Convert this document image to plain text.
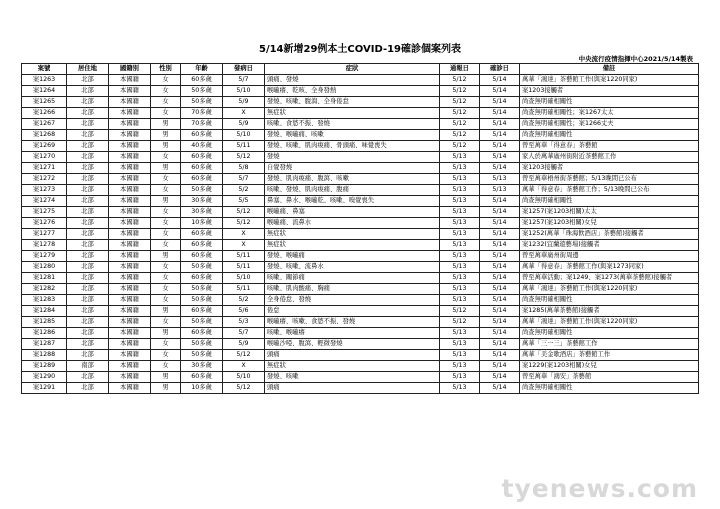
5/14新增29例本土COVID-19確診個案列表
中央流行疫情指揮中心2021/5/14製表
案號	居住地	國籍別	性別	年齡	發病日	症狀	通報日	確診日	備註
案1263	北部	本國籍	女	60多歲	5/7	頭痛、發燒	5/12	5/14	萬華「鴻達」茶藝館工作(與案1220同家)
案1264	北部	本國籍	女	50多歲	5/10	喉嚨癢、乾咳、全身發熱	5/12	5/14	案1203接觸者
案1265	北部	本國籍	女	50多歲	5/9	發燒、咳嗽、腹瀉、全身倦怠	5/12	5/14	尚查無明確相關性
案1266	北部	本國籍	女	70多歲	X	無症狀	5/12	5/14	尚查無明確相關性；案1267太太
案1267	北部	本國籍	男	70多歲	5/9	咳嗽、食慾不振、發燒	5/12	5/14	尚查無明確相關性；案1266丈夫
案1268	北部	本國籍	男	60多歲	5/10	發燒、喉嚨痛、咳嗽	5/12	5/14	尚查無明確相關性
案1269	北部	本國籍	男	40多歲	5/11	發燒、咳嗽、肌肉痠痛、骨頭痛、味覺喪失	5/12	5/14	曾至萬華「得意春」茶藝館
案1270	北部	本國籍	女	60多歲	5/12	發燒	5/13	5/14	家人於萬華廣州街附近茶藝館工作
案1271	北部	本國籍	男	60多歲	5/8	自覺發燒	5/13	5/14	案1203接觸者
案1272	北部	本國籍	女	60多歲	5/7	發燒、肌肉痠痛、腹瀉、咳嗽	5/13	5/13	曾至萬華梧州街茶藝館；5/13晚間已公布
案1273	北部	本國籍	女	50多歲	5/2	咳嗽、發燒、肌肉痠痛、腹痛	5/13	5/13	萬華「得意春」茶藝館工作；5/13晚間已公布
案1274	北部	本國籍	男	30多歲	5/5	鼻塞、鼻水、喉嚨乾、咳嗽、嗅覺喪失	5/13	5/14	尚查無明確相關性
案1275	北部	本國籍	女	30多歲	5/12	喉嚨痛、鼻塞	5/13	5/14	案1257(案1203相關)太太
案1276	北部	本國籍	女	10多歲	5/12	喉嚨痛、流鼻水	5/13	5/14	案1257(案1203相關)女兒
案1277	北部	本國籍	女	60多歲	X	無症狀	5/13	5/14	案1252(萬華「珠海飲酒店」茶藝館)接觸者
案1278	北部	本國籍	女	60多歲	X	無症狀	5/13	5/14	案1232(宜蘭遊藝場)接觸者
案1279	北部	本國籍	男	60多歲	5/11	發燒、喉嚨痛	5/13	5/14	曾至萬華廣州街周邊
案1280	北部	本國籍	女	50多歲	5/11	發燒、咳嗽、流鼻水	5/13	5/14	萬華「得意春」茶藝館工作(與案1273同家)
案1281	北部	本國籍	女	60多歲	5/10	咳嗽、關節痛	5/13	5/14	曾至萬華活動；案1249、案1273(萬華茶藝館)接觸者
案1282	北部	本國籍	女	50多歲	5/11	咳嗽、肌肉酸痛、胸痛	5/13	5/14	萬華「鴻達」茶藝館工作(與案1220同家)
案1283	北部	本國籍	女	50多歲	5/2	全身倦怠、發燒	5/13	5/14	尚查無明確相關性
案1284	北部	本國籍	男	60多歲	5/6	倦怠	5/12	5/14	案1285(萬華茶藝館)接觸者
案1285	北部	本國籍	女	50多歲	5/3	喉嚨癢、咳嗽、食慾不振、發燒	5/12	5/14	萬華「鴻達」茶藝館工作(與案1220同家)
案1286	北部	本國籍	男	60多歲	5/7	咳嗽、喉嚨癢	5/13	5/14	尚查無明確相關性
案1287	北部	本國籍	女	50多歲	5/9	喉嚨沙啞、腹瀉、輕微發燒	5/13	5/14	萬華「三一三」茶藝館工作
案1288	北部	本國籍	女	50多歲	5/12	頭痛	5/13	5/14	萬華「美金歌酒店」茶藝館工作
案1289	南部	本國籍	女	30多歲	X	無症狀	5/13	5/14	案1229(案1203相關)女兒
案1290	北部	本國籍	男	60多歲	5/10	發燒、咳嗽	5/13	5/14	曾至萬華「鴻安」茶藝館
案1291	北部	本國籍	男	10多歲	5/12	頭痛	5/13	5/14	尚查無明確相關性
tyenews.com
